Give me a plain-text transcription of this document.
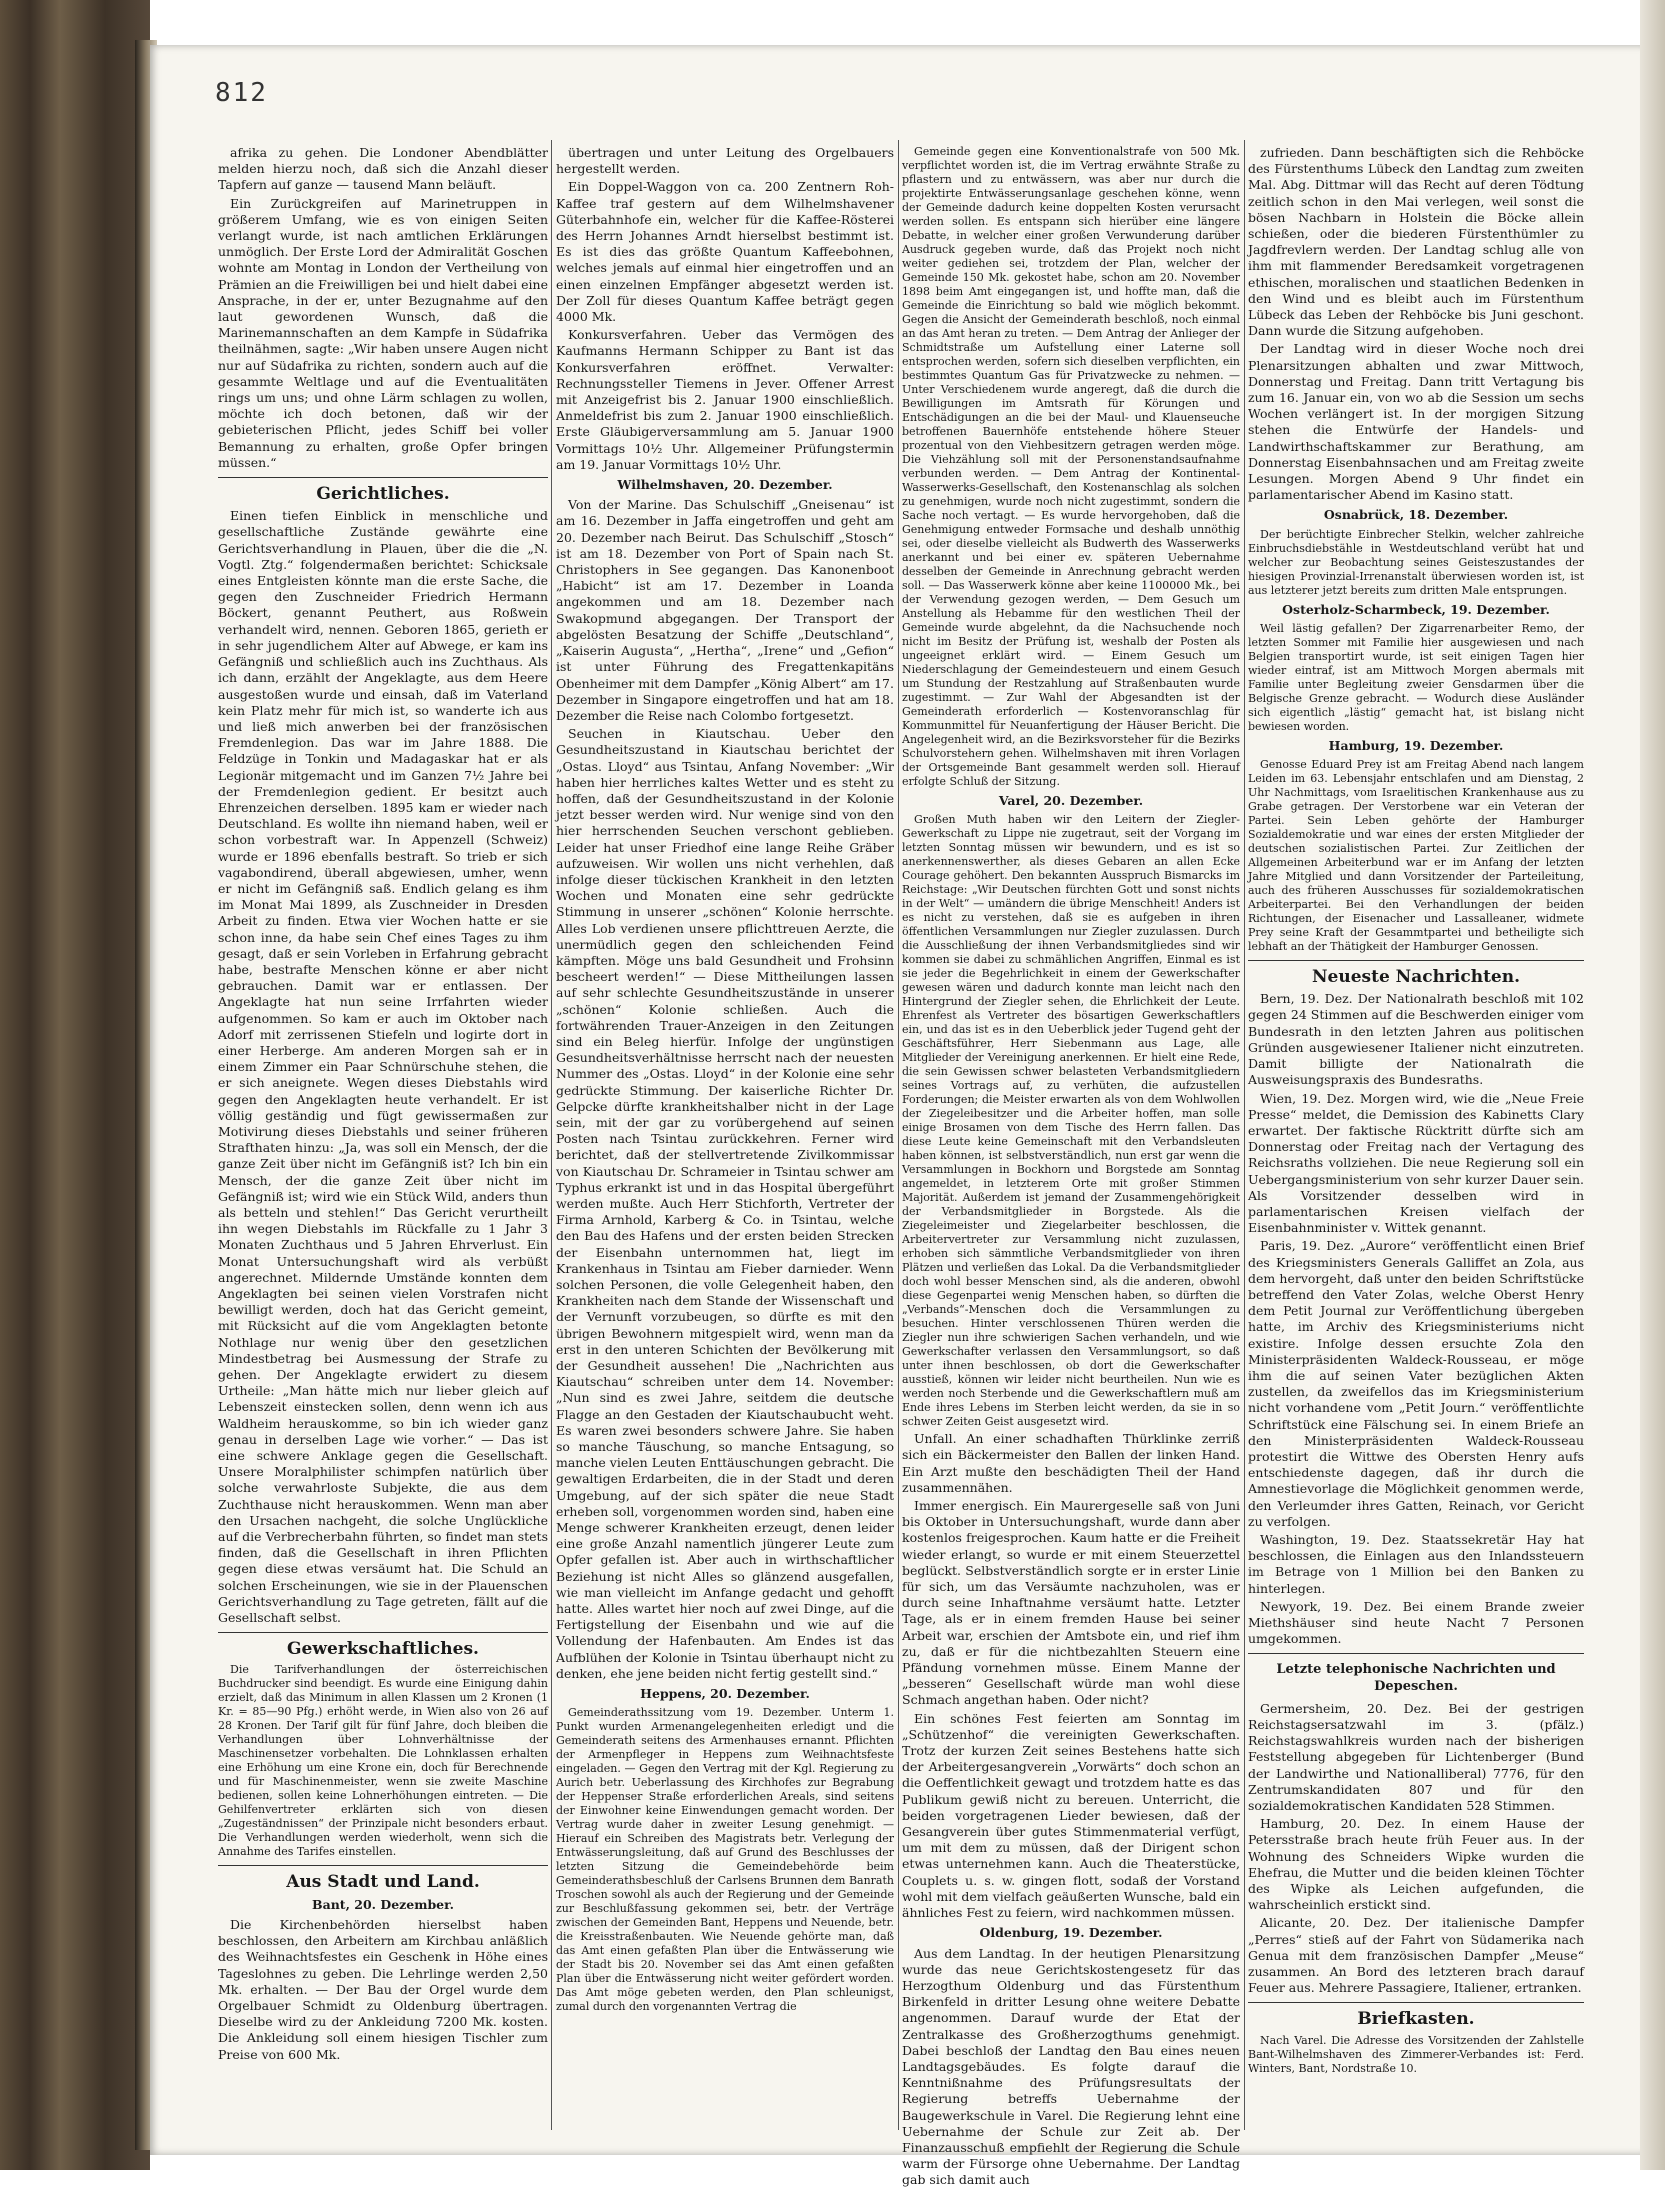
812

afrika zu gehen. Die Londoner Abendblätter melden hierzu noch, daß sich die Anzahl dieser Tapfern auf ganze — tausend Mann beläuft.

Ein Zurückgreifen auf Marinetruppen in größerem Umfang, wie es von einigen Seiten verlangt wurde, ist nach amtlichen Erklärungen unmöglich. Der Erste Lord der Admiralität Goschen wohnte am Montag in London der Vertheilung von Prämien an die Freiwilligen bei und hielt dabei eine Ansprache, in der er, unter Bezugnahme auf den laut gewordenen Wunsch, daß die Marinemannschaften an dem Kampfe in Südafrika theilnähmen, sagte: „Wir haben unsere Augen nicht nur auf Südafrika zu richten, sondern auch auf die gesammte Weltlage und auf die Eventualitäten rings um uns; und ohne Lärm schlagen zu wollen, möchte ich doch betonen, daß wir der gebieterischen Pflicht, jedes Schiff bei voller Bemannung zu erhalten, große Opfer bringen müssen.“

Gerichtliches.

Einen tiefen Einblick in menschliche und gesellschaftliche Zustände gewährte eine Gerichtsverhandlung in Plauen, über die die „N. Vogtl. Ztg.“ folgendermaßen berichtet: Schicksale eines Entgleisten könnte man die erste Sache, die gegen den Zuschneider Friedrich Hermann Böckert, genannt Peuthert, aus Roßwein verhandelt wird, nennen. Geboren 1865, gerieth er in sehr jugendlichem Alter auf Abwege, er kam ins Gefängniß und schließlich auch ins Zuchthaus. Als ich dann, erzählt der Angeklagte, aus dem Heere ausgestoßen wurde und einsah, daß im Vaterland kein Platz mehr für mich ist, so wanderte ich aus und ließ mich anwerben bei der französischen Fremdenlegion. Das war im Jahre 1888. Die Feldzüge in Tonkin und Madagaskar hat er als Legionär mitgemacht und im Ganzen 7½ Jahre bei der Fremdenlegion gedient. Er besitzt auch Ehrenzeichen derselben. 1895 kam er wieder nach Deutschland. Es wollte ihn niemand haben, weil er schon vorbestraft war. In Appenzell (Schweiz) wurde er 1896 ebenfalls bestraft. So trieb er sich vagabondirend, überall abgewiesen, umher, wenn er nicht im Gefängniß saß. Endlich gelang es ihm im Monat Mai 1899, als Zuschneider in Dresden Arbeit zu finden. Etwa vier Wochen hatte er sie schon inne, da habe sein Chef eines Tages zu ihm gesagt, daß er sein Vorleben in Erfahrung gebracht habe, bestrafte Menschen könne er aber nicht gebrauchen. Damit war er entlassen. Der Angeklagte hat nun seine Irrfahrten wieder aufgenommen. So kam er auch im Oktober nach Adorf mit zerrissenen Stiefeln und logirte dort in einer Herberge. Am anderen Morgen sah er in einem Zimmer ein Paar Schnürschuhe stehen, die er sich aneignete. Wegen dieses Diebstahls wird gegen den Angeklagten heute verhandelt. Er ist völlig geständig und fügt gewissermaßen zur Motivirung dieses Diebstahls und seiner früheren Strafthaten hinzu: „Ja, was soll ein Mensch, der die ganze Zeit über nicht im Gefängniß ist? Ich bin ein Mensch, der die ganze Zeit über nicht im Gefängniß ist; wird wie ein Stück Wild, anders thun als betteln und stehlen!“ Das Gericht verurtheilt ihn wegen Diebstahls im Rückfalle zu 1 Jahr 3 Monaten Zuchthaus und 5 Jahren Ehrverlust. Ein Monat Untersuchungshaft wird als verbüßt angerechnet. Mildernde Umstände konnten dem Angeklagten bei seinen vielen Vorstrafen nicht bewilligt werden, doch hat das Gericht gemeint, mit Rücksicht auf die vom Angeklagten betonte Nothlage nur wenig über den gesetzlichen Mindestbetrag bei Ausmessung der Strafe zu gehen. Der Angeklagte erwidert zu diesem Urtheile: „Man hätte mich nur lieber gleich auf Lebenszeit einstecken sollen, denn wenn ich aus Waldheim herauskomme, so bin ich wieder ganz genau in derselben Lage wie vorher.“ — Das ist eine schwere Anklage gegen die Gesellschaft. Unsere Moralphilister schimpfen natürlich über solche verwahrloste Subjekte, die aus dem Zuchthause nicht herauskommen. Wenn man aber den Ursachen nachgeht, die solche Unglückliche auf die Verbrecherbahn führten, so findet man stets finden, daß die Gesellschaft in ihren Pflichten gegen diese etwas versäumt hat. Die Schuld an solchen Erscheinungen, wie sie in der Plauenschen Gerichtsverhandlung zu Tage getreten, fällt auf die Gesellschaft selbst.

Gewerkschaftliches.

Die Tarifverhandlungen der österreichischen Buchdrucker sind beendigt. Es wurde eine Einigung dahin erzielt, daß das Minimum in allen Klassen um 2 Kronen (1 Kr. = 85—90 Pfg.) erhöht werde, in Wien also von 26 auf 28 Kronen. Der Tarif gilt für fünf Jahre, doch bleiben die Verhandlungen über Lohnverhältnisse der Maschinensetzer vorbehalten. Die Lohnklassen erhalten eine Erhöhung um eine Krone ein, doch für Berechnende und für Maschinenmeister, wenn sie zweite Maschine bedienen, sollen keine Lohnerhöhungen eintreten. — Die Gehilfenvertreter erklärten sich von diesen „Zugeständnissen“ der Prinzipale nicht besonders erbaut. Die Verhandlungen werden wiederholt, wenn sich die Annahme des Tarifes einstellen.

Aus Stadt und Land.
Bant, 20. Dezember.

Die Kirchenbehörden hierselbst haben beschlossen, den Arbeitern am Kirchbau anläßlich des Weihnachtsfestes ein Geschenk in Höhe eines Tageslohnes zu geben. Die Lehrlinge werden 2,50 Mk. erhalten. — Der Bau der Orgel wurde dem Orgelbauer Schmidt zu Oldenburg übertragen. Dieselbe wird zu der Ankleidung 7200 Mk. kosten. Die Ankleidung soll einem hiesigen Tischler zum Preise von 600 Mk.

übertragen und unter Leitung des Orgelbauers hergestellt werden.

Ein Doppel-Waggon von ca. 200 Zentnern Roh-Kaffee traf gestern auf dem Wilhelmshavener Güterbahnhofe ein, welcher für die Kaffee-Rösterei des Herrn Johannes Arndt hierselbst bestimmt ist. Es ist dies das größte Quantum Kaffeebohnen, welches jemals auf einmal hier eingetroffen und an einen einzelnen Empfänger abgesetzt werden ist. Der Zoll für dieses Quantum Kaffee beträgt gegen 4000 Mk.

Konkursverfahren. Ueber das Vermögen des Kaufmanns Hermann Schipper zu Bant ist das Konkursverfahren eröffnet. Verwalter: Rechnungssteller Tiemens in Jever. Offener Arrest mit Anzeigefrist bis 2. Januar 1900 einschließlich. Anmeldefrist bis zum 2. Januar 1900 einschließlich. Erste Gläubigerversammlung am 5. Januar 1900 Vormittags 10½ Uhr. Allgemeiner Prüfungstermin am 19. Januar Vormittags 10½ Uhr.

Wilhelmshaven, 20. Dezember.

Von der Marine. Das Schulschiff „Gneisenau“ ist am 16. Dezember in Jaffa eingetroffen und geht am 20. Dezember nach Beirut. Das Schulschiff „Stosch“ ist am 18. Dezember von Port of Spain nach St. Christophers in See gegangen. Das Kanonenboot „Habicht“ ist am 17. Dezember in Loanda angekommen und am 18. Dezember nach Swakopmund abgegangen. Der Transport der abgelösten Besatzung der Schiffe „Deutschland“, „Kaiserin Augusta“, „Hertha“, „Irene“ und „Gefion“ ist unter Führung des Fregattenkapitäns Obenheimer mit dem Dampfer „König Albert“ am 17. Dezember in Singapore eingetroffen und hat am 18. Dezember die Reise nach Colombo fortgesetzt.

Seuchen in Kiautschau. Ueber den Gesundheitszustand in Kiautschau berichtet der „Ostas. Lloyd“ aus Tsintau, Anfang November: „Wir haben hier herrliches kaltes Wetter und es steht zu hoffen, daß der Gesundheitszustand in der Kolonie jetzt besser werden wird. Nur wenige sind von den hier herrschenden Seuchen verschont geblieben. Leider hat unser Friedhof eine lange Reihe Gräber aufzuweisen. Wir wollen uns nicht verhehlen, daß infolge dieser tückischen Krankheit in den letzten Wochen und Monaten eine sehr gedrückte Stimmung in unserer „schönen“ Kolonie herrschte. Alles Lob verdienen unsere pflichttreuen Aerzte, die unermüdlich gegen den schleichenden Feind kämpften. Möge uns bald Gesundheit und Frohsinn bescheert werden!“ — Diese Mittheilungen lassen auf sehr schlechte Gesundheitszustände in unserer „schönen“ Kolonie schließen. Auch die fortwährenden Trauer-Anzeigen in den Zeitungen sind ein Beleg hierfür. Infolge der ungünstigen Gesundheitsverhältnisse herrscht nach der neuesten Nummer des „Ostas. Lloyd“ in der Kolonie eine sehr gedrückte Stimmung. Der kaiserliche Richter Dr. Gelpcke dürfte krankheitshalber nicht in der Lage sein, mit der gar zu vorübergehend auf seinen Posten nach Tsintau zurückkehren. Ferner wird berichtet, daß der stellvertretende Zivilkommissar von Kiautschau Dr. Schrameier in Tsintau schwer am Typhus erkrankt ist und in das Hospital übergeführt werden mußte. Auch Herr Stichforth, Vertreter der Firma Arnhold, Karberg & Co. in Tsintau, welche den Bau des Hafens und der ersten beiden Strecken der Eisenbahn unternommen hat, liegt im Krankenhaus in Tsintau am Fieber darnieder. Wenn solchen Personen, die volle Gelegenheit haben, den Krankheiten nach dem Stande der Wissenschaft und der Vernunft vorzubeugen, so dürfte es mit den übrigen Bewohnern mitgespielt wird, wenn man da erst in den unteren Schichten der Bevölkerung mit der Gesundheit aussehen! Die „Nachrichten aus Kiautschau“ schreiben unter dem 14. November: „Nun sind es zwei Jahre, seitdem die deutsche Flagge an den Gestaden der Kiautschaubucht weht. Es waren zwei besonders schwere Jahre. Sie haben so manche Täuschung, so manche Entsagung, so manche vielen Leuten Enttäuschungen gebracht. Die gewaltigen Erdarbeiten, die in der Stadt und deren Umgebung, auf der sich später die neue Stadt erheben soll, vorgenommen worden sind, haben eine Menge schwerer Krankheiten erzeugt, denen leider eine große Anzahl namentlich jüngerer Leute zum Opfer gefallen ist. Aber auch in wirthschaftlicher Beziehung ist nicht Alles so glänzend ausgefallen, wie man vielleicht im Anfange gedacht und gehofft hatte. Alles wartet hier noch auf zwei Dinge, auf die Fertigstellung der Eisenbahn und wie auf die Vollendung der Hafenbauten. Am Endes ist das Aufblühen der Kolonie in Tsintau überhaupt nicht zu denken, ehe jene beiden nicht fertig gestellt sind.“

Heppens, 20. Dezember.

Gemeinderathssitzung vom 19. Dezember. Unterm 1. Punkt wurden Armenangelegenheiten erledigt und die Gemeinderath seitens des Armenhauses ernannt. Pflichten der Armenpfleger in Heppens zum Weihnachtsfeste eingeladen. — Gegen den Vertrag mit der Kgl. Regierung zu Aurich betr. Ueberlassung des Kirchhofes zur Begrabung der Heppenser Straße erforderlichen Areals, sind seitens der Einwohner keine Einwendungen gemacht worden. Der Vertrag wurde daher in zweiter Lesung genehmigt. — Hierauf ein Schreiben des Magistrats betr. Verlegung der Entwässerungsleitung, daß auf Grund des Beschlusses der letzten Sitzung die Gemeindebehörde beim Gemeinderathsbeschluß der Carlsens Brunnen dem Banrath Troschen sowohl als auch der Regierung und der Gemeinde zur Beschlußfassung gekommen sei, betr. der Verträge zwischen der Gemeinden Bant, Heppens und Neuende, betr. die Kreisstraßenbauten. Wie Neuende gehörte man, daß das Amt einen gefaßten Plan über die Entwässerung wie der Stadt bis 20. November sei das Amt einen gefaßten Plan über die Entwässerung nicht weiter gefördert worden. Das Amt möge gebeten werden, den Plan schleunigst, zumal durch den vorgenannten Vertrag die

Gemeinde gegen eine Konventionalstrafe von 500 Mk. verpflichtet worden ist, die im Vertrag erwähnte Straße zu pflastern und zu entwässern, was aber nur durch die projektirte Entwässerungsanlage geschehen könne, wenn der Gemeinde dadurch keine doppelten Kosten verursacht werden sollen. Es entspann sich hierüber eine längere Debatte, in welcher einer großen Verwunderung darüber Ausdruck gegeben wurde, daß das Projekt noch nicht weiter gediehen sei, trotzdem der Plan, welcher der Gemeinde 150 Mk. gekostet habe, schon am 20. November 1898 beim Amt eingegangen ist, und hoffte man, daß die Gemeinde die Einrichtung so bald wie möglich bekommt. Gegen die Ansicht der Gemeinderath beschloß, noch einmal an das Amt heran zu treten. — Dem Antrag der Anlieger der Schmidtstraße um Aufstellung einer Laterne soll entsprochen werden, sofern sich dieselben verpflichten, ein bestimmtes Quantum Gas für Privatzwecke zu nehmen. — Unter Verschiedenem wurde angeregt, daß die durch die Bewilligungen im Amtsrath für Körungen und Entschädigungen an die bei der Maul- und Klauenseuche betroffenen Bauernhöfe entstehende höhere Steuer prozentual von den Viehbesitzern getragen werden möge. Die Viehzählung soll mit der Personenstandsaufnahme verbunden werden. — Dem Antrag der Kontinental-Wasserwerks-Gesellschaft, den Kostenanschlag als solchen zu genehmigen, wurde noch nicht zugestimmt, sondern die Sache noch vertagt. — Es wurde hervorgehoben, daß die Genehmigung entweder Formsache und deshalb unnöthig sei, oder dieselbe vielleicht als Budwerth des Wasserwerks anerkannt und bei einer ev. späteren Uebernahme desselben der Gemeinde in Anrechnung gebracht werden soll. — Das Wasserwerk könne aber keine 1100000 Mk., bei der Verwendung gezogen werden, — Dem Gesuch um Anstellung als Hebamme für den westlichen Theil der Gemeinde wurde abgelehnt, da die Nachsuchende noch nicht im Besitz der Prüfung ist, weshalb der Posten als ungeeignet erklärt wird. — Einem Gesuch um Niederschlagung der Gemeindesteuern und einem Gesuch um Stundung der Restzahlung auf Straßenbauten wurde zugestimmt. — Zur Wahl der Abgesandten ist der Gemeinderath erforderlich — Kostenvoranschlag für Kommunmittel für Neuanfertigung der Häuser Bericht. Die Angelegenheit wird, an die Bezirksvorsteher für die Bezirks Schulvorstehern gehen. Wilhelmshaven mit ihren Vorlagen der Ortsgemeinde Bant gesammelt werden soll. Hierauf erfolgte Schluß der Sitzung.

Varel, 20. Dezember.

Großen Muth haben wir den Leitern der Ziegler-Gewerkschaft zu Lippe nie zugetraut, seit der Vorgang im letzten Sonntag müssen wir bewundern, und es ist so anerkennenswerther, als dieses Gebaren an allen Ecke Courage gehöhert. Den bekannten Ausspruch Bismarcks im Reichstage: „Wir Deutschen fürchten Gott und sonst nichts in der Welt“ — umändern die übrige Menschheit! Anders ist es nicht zu verstehen, daß sie es aufgeben in ihren öffentlichen Versammlungen nur Ziegler zuzulassen. Durch die Ausschließung der ihnen Verbandsmitgliedes sind wir kommen sie dabei zu schmählichen Angriffen, Einmal es ist sie jeder die Begehrlichkeit in einem der Gewerkschafter gewesen wären und dadurch konnte man leicht nach den Hintergrund der Ziegler sehen, die Ehrlichkeit der Leute. Ehrenfest als Vertreter des bösartigen Gewerkschaftlers ein, und das ist es in den Ueberblick jeder Tugend geht der Geschäftsführer, Herr Siebenmann aus Lage, alle Mitglieder der Vereinigung anerkennen. Er hielt eine Rede, die sein Gewissen schwer belasteten Verbandsmitgliedern seines Vortrags auf, zu verhüten, die aufzustellen Forderungen; die Meister erwarten als von dem Wohlwollen der Ziegeleibesitzer und die Arbeiter hoffen, man solle einige Brosamen von dem Tische des Herrn fallen. Das diese Leute keine Gemeinschaft mit den Verbandsleuten haben können, ist selbstverständlich, nun erst gar wenn die Versammlungen in Bockhorn und Borgstede am Sonntag angemeldet, in letzterem Orte mit großer Stimmen Majorität. Außerdem ist jemand der Zusammengehörigkeit der Verbandsmitglieder in Borgstede. Als die Ziegeleimeister und Ziegelarbeiter beschlossen, die Arbeitervertreter zur Versammlung nicht zuzulassen, erhoben sich sämmtliche Verbandsmitglieder von ihren Plätzen und verließen das Lokal. Da die Verbandsmitglieder doch wohl besser Menschen sind, als die anderen, obwohl diese Gegenpartei wenig Menschen haben, so dürften die „Verbands“-Menschen doch die Versammlungen zu besuchen. Hinter verschlossenen Thüren werden die Ziegler nun ihre schwierigen Sachen verhandeln, und wie Gewerkschafter verlassen den Versammlungsort, so daß unter ihnen beschlossen, ob dort die Gewerkschafter ausstieß, können wir leider nicht beurtheilen. Nun wie es werden noch Sterbende und die Gewerkschaftlern muß am Ende ihres Lebens im Sterben leicht werden, da sie in so schwer Zeiten Geist ausgesetzt wird.

Unfall. An einer schadhaften Thürklinke zerriß sich ein Bäckermeister den Ballen der linken Hand. Ein Arzt mußte den beschädigten Theil der Hand zusammennähen.

Immer energisch. Ein Maurergeselle saß von Juni bis Oktober in Untersuchungshaft, wurde dann aber kostenlos freigesprochen. Kaum hatte er die Freiheit wieder erlangt, so wurde er mit einem Steuerzettel beglückt. Selbstverständlich sorgte er in erster Linie für sich, um das Versäumte nachzuholen, was er durch seine Inhaftnahme versäumt hatte. Letzter Tage, als er in einem fremden Hause bei seiner Arbeit war, erschien der Amtsbote ein, und rief ihm zu, daß er für die nichtbezahlten Steuern eine Pfändung vornehmen müsse. Einem Manne der „besseren“ Gesellschaft würde man wohl diese Schmach angethan haben. Oder nicht?

Ein schönes Fest feierten am Sonntag im „Schützenhof“ die vereinigten Gewerkschaften. Trotz der kurzen Zeit seines Bestehens hatte sich der Arbeitergesangverein „Vorwärts“ doch schon an die Oeffentlichkeit gewagt und trotzdem hatte es das Publikum gewiß nicht zu bereuen. Unterricht, die beiden vorgetragenen Lieder bewiesen, daß der Gesangverein über gutes Stimmenmaterial verfügt, um mit dem zu müssen, daß der Dirigent schon etwas unternehmen kann. Auch die Theaterstücke, Couplets u. s. w. gingen flott, sodaß der Vorstand wohl mit dem vielfach geäußerten Wunsche, bald ein ähnliches Fest zu feiern, wird nachkommen müssen.

Oldenburg, 19. Dezember.

Aus dem Landtag. In der heutigen Plenarsitzung wurde das neue Gerichtskostengesetz für das Herzogthum Oldenburg und das Fürstenthum Birkenfeld in dritter Lesung ohne weitere Debatte angenommen. Darauf wurde der Etat der Zentralkasse des Großherzogthums genehmigt. Dabei beschloß der Landtag den Bau eines neuen Landtagsgebäudes. Es folgte darauf die Kenntnißnahme des Prüfungsresultats der Regierung betreffs Uebernahme der Baugewerkschule in Varel. Die Regierung lehnt eine Uebernahme der Schule zur Zeit ab. Der Finanzausschuß empfiehlt der Regierung die Schule warm der Fürsorge ohne Uebernahme. Der Landtag gab sich damit auch

zufrieden. Dann beschäftigten sich die Rehböcke des Fürstenthums Lübeck den Landtag zum zweiten Mal. Abg. Dittmar will das Recht auf deren Tödtung zeitlich schon in den Mai verlegen, weil sonst die bösen Nachbarn in Holstein die Böcke allein schießen, oder die biederen Fürstenthümler zu Jagdfrevlern werden. Der Landtag schlug alle von ihm mit flammender Beredsamkeit vorgetragenen ethischen, moralischen und staatlichen Bedenken in den Wind und es bleibt auch im Fürstenthum Lübeck das Leben der Rehböcke bis Juni geschont. Dann wurde die Sitzung aufgehoben.

Der Landtag wird in dieser Woche noch drei Plenarsitzungen abhalten und zwar Mittwoch, Donnerstag und Freitag. Dann tritt Vertagung bis zum 16. Januar ein, von wo ab die Session um sechs Wochen verlängert ist. In der morgigen Sitzung stehen die Entwürfe der Handels- und Landwirthschaftskammer zur Berathung, am Donnerstag Eisenbahnsachen und am Freitag zweite Lesungen. Morgen Abend 9 Uhr findet ein parlamentarischer Abend im Kasino statt.

Osnabrück, 18. Dezember.

Der berüchtigte Einbrecher Stelkin, welcher zahlreiche Einbruchsdiebstähle in Westdeutschland verübt hat und welcher zur Beobachtung seines Geisteszustandes der hiesigen Provinzial-Irrenanstalt überwiesen worden ist, ist aus letzterer jetzt bereits zum dritten Male entsprungen.

Osterholz-Scharmbeck, 19. Dezember.

Weil lästig gefallen? Der Zigarrenarbeiter Remo, der letzten Sommer mit Familie hier ausgewiesen und nach Belgien transportirt wurde, ist seit einigen Tagen hier wieder eintraf, ist am Mittwoch Morgen abermals mit Familie unter Begleitung zweier Gensdarmen über die Belgische Grenze gebracht. — Wodurch diese Ausländer sich eigentlich „lästig“ gemacht hat, ist bislang nicht bewiesen worden.

Hamburg, 19. Dezember.

Genosse Eduard Prey ist am Freitag Abend nach langem Leiden im 63. Lebensjahr entschlafen und am Dienstag, 2 Uhr Nachmittags, vom Israelitischen Krankenhause aus zu Grabe getragen. Der Verstorbene war ein Veteran der Partei. Sein Leben gehörte der Hamburger Sozialdemokratie und war eines der ersten Mitglieder der deutschen sozialistischen Partei. Zur Zeitlichen der Allgemeinen Arbeiterbund war er im Anfang der letzten Jahre Mitglied und dann Vorsitzender der Parteileitung, auch des früheren Ausschusses für sozialdemokratischen Arbeiterpartei. Bei den Verhandlungen der beiden Richtungen, der Eisenacher und Lassalleaner, widmete Prey seine Kraft der Gesammtpartei und betheiligte sich lebhaft an der Thätigkeit der Hamburger Genossen.

Neueste Nachrichten.

Bern, 19. Dez. Der Nationalrath beschloß mit 102 gegen 24 Stimmen auf die Beschwerden einiger vom Bundesrath in den letzten Jahren aus politischen Gründen ausgewiesener Italiener nicht einzutreten. Damit billigte der Nationalrath die Ausweisungspraxis des Bundesraths.

Wien, 19. Dez. Morgen wird, wie die „Neue Freie Presse“ meldet, die Demission des Kabinetts Clary erwartet. Der faktische Rücktritt dürfte sich am Donnerstag oder Freitag nach der Vertagung des Reichsraths vollziehen. Die neue Regierung soll ein Uebergangsministerium von sehr kurzer Dauer sein. Als Vorsitzender desselben wird in parlamentarischen Kreisen vielfach der Eisenbahnminister v. Wittek genannt.

Paris, 19. Dez. „Aurore“ veröffentlicht einen Brief des Kriegsministers Generals Galliffet an Zola, aus dem hervorgeht, daß unter den beiden Schriftstücke betreffend den Vater Zolas, welche Oberst Henry dem Petit Journal zur Veröffentlichung übergeben hatte, im Archiv des Kriegsministeriums nicht existire. Infolge dessen ersuchte Zola den Ministerpräsidenten Waldeck-Rousseau, er möge ihm die auf seinen Vater bezüglichen Akten zustellen, da zweifellos das im Kriegsministerium nicht vorhandene vom „Petit Journ.“ veröffentlichte Schriftstück eine Fälschung sei. In einem Briefe an den Ministerpräsidenten Waldeck-Rousseau protestirt die Wittwe des Obersten Henry aufs entschiedenste dagegen, daß ihr durch die Amnestievorlage die Möglichkeit genommen werde, den Verleumder ihres Gatten, Reinach, vor Gericht zu verfolgen.

Washington, 19. Dez. Staatssekretär Hay hat beschlossen, die Einlagen aus den Inlandssteuern im Betrage von 1 Million bei den Banken zu hinterlegen.

Newyork, 19. Dez. Bei einem Brande zweier Miethshäuser sind heute Nacht 7 Personen umgekommen.

Letzte telephonische Nachrichten und Depeschen.

Germersheim, 20. Dez. Bei der gestrigen Reichstagsersatzwahl im 3. (pfälz.) Reichstagswahlkreis wurden nach der bisherigen Feststellung abgegeben für Lichtenberger (Bund der Landwirthe und Nationalliberal) 7776, für den Zentrumskandidaten 807 und für den sozialdemokratischen Kandidaten 528 Stimmen.

Hamburg, 20. Dez. In einem Hause der Petersstraße brach heute früh Feuer aus. In der Wohnung des Schneiders Wipke wurden die Ehefrau, die Mutter und die beiden kleinen Töchter des Wipke als Leichen aufgefunden, die wahrscheinlich erstickt sind.

Alicante, 20. Dez. Der italienische Dampfer „Perres“ stieß auf der Fahrt von Südamerika nach Genua mit dem französischen Dampfer „Meuse“ zusammen. An Bord des letzteren brach darauf Feuer aus. Mehrere Passagiere, Italiener, ertranken.

Briefkasten.

Nach Varel. Die Adresse des Vorsitzenden der Zahlstelle Bant-Wilhelmshaven des Zimmerer-Verbandes ist: Ferd. Winters, Bant, Nordstraße 10.
